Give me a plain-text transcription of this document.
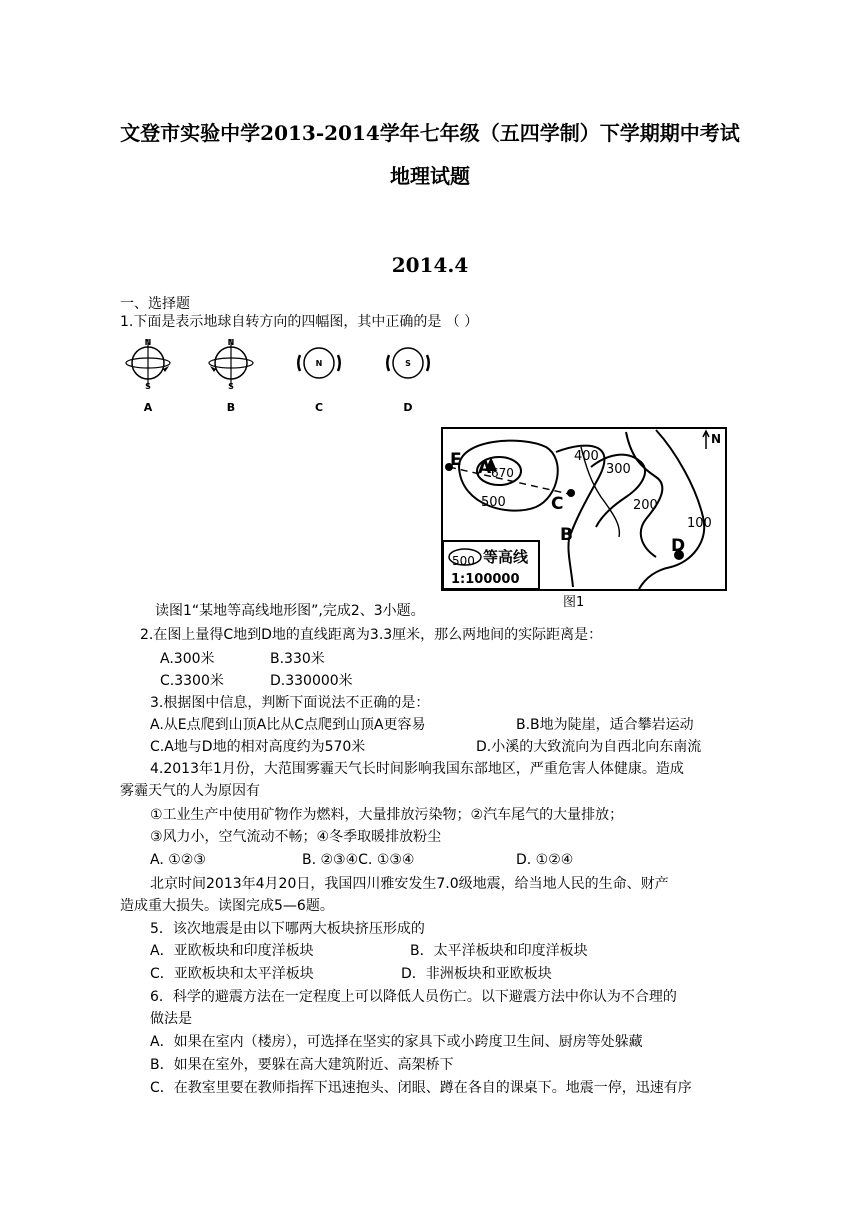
文登市实验中学2013-2014学年七年级（五四学制）下学期期中考试
地理试题
2014.4
一、选择题
1.下面是表示地球自转方向的四幅图，其中正确的是 （ ）
N
S
N
S
N	S
A	B	C	D
E A 670
C
B
D
500
400
300
200
100
N
500 等高线
1:100000
图1
读图1“某地等高线地形图”,完成2、3小题。
2.在图上量得C地到D地的直线距离为3.3厘米，那么两地间的实际距离是：
A.300米	B.330米
C.3300米	D.330000米
3.根据图中信息，判断下面说法不正确的是：
A.从E点爬到山顶A比从C点爬到山顶A更容易	B.B地为陡崖，适合攀岩运动
C.A地与D地的相对高度约为570米	D.小溪的大致流向为自西北向东南流
4.2013年1月份，大范围雾霾天气长时间影响我国东部地区，严重危害人体健康。造成
雾霾天气的人为原因有
①工业生产中使用矿物作为燃料，大量排放污染物；②汽车尾气的大量排放；
③风力小，空气流动不畅；④冬季取暖排放粉尘
A. ①②③	B. ②③④C. ①③④	D. ①②④
北京时间2013年4月20日，我国四川雅安发生7.0级地震，给当地人民的生命、财产
造成重大损失。读图完成5—6题。
5．该次地震是由以下哪两大板块挤压形成的
A．亚欧板块和印度洋板块	B．太平洋板块和印度洋板块
C．亚欧板块和太平洋板块	D．非洲板块和亚欧板块
6．科学的避震方法在一定程度上可以降低人员伤亡。以下避震方法中你认为不合理的
做法是
A．如果在室内（楼房），可选择在坚实的家具下或小跨度卫生间、厨房等处躲藏
B．如果在室外，要躲在高大建筑附近、高架桥下
C．在教室里要在教师指挥下迅速抱头、闭眼、蹲在各自的课桌下。地震一停，迅速有序
